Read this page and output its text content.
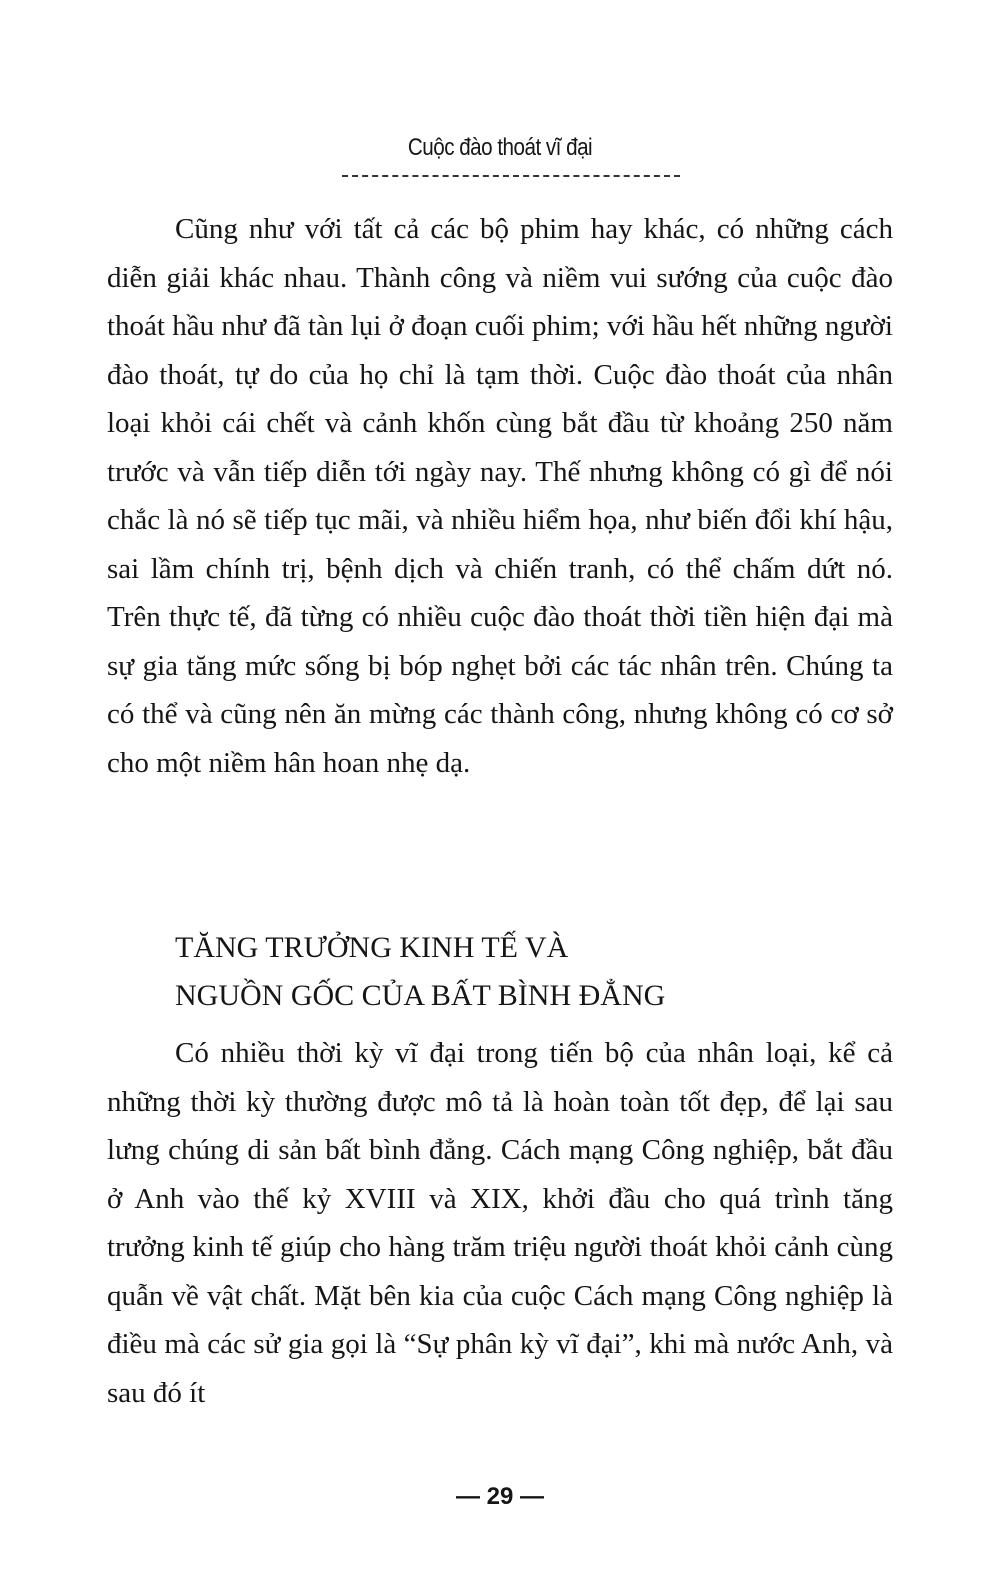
Cuộc đào thoát vĩ đại

Cũng như với tất cả các bộ phim hay khác, có những cách diễn giải khác nhau. Thành công và niềm vui sướng của cuộc đào thoát hầu như đã tàn lụi ở đoạn cuối phim; với hầu hết những người đào thoát, tự do của họ chỉ là tạm thời. Cuộc đào thoát của nhân loại khỏi cái chết và cảnh khốn cùng bắt đầu từ khoảng 250 năm trước và vẫn tiếp diễn tới ngày nay. Thế nhưng không có gì để nói chắc là nó sẽ tiếp tục mãi, và nhiều hiểm họa, như biến đổi khí hậu, sai lầm chính trị, bệnh dịch và chiến tranh, có thể chấm dứt nó. Trên thực tế, đã từng có nhiều cuộc đào thoát thời tiền hiện đại mà sự gia tăng mức sống bị bóp nghẹt bởi các tác nhân trên. Chúng ta có thể và cũng nên ăn mừng các thành công, nhưng không có cơ sở cho một niềm hân hoan nhẹ dạ.

TĂNG TRƯỞNG KINH TẾ VÀ
NGUỒN GỐC CỦA BẤT BÌNH ĐẲNG

Có nhiều thời kỳ vĩ đại trong tiến bộ của nhân loại, kể cả những thời kỳ thường được mô tả là hoàn toàn tốt đẹp, để lại sau lưng chúng di sản bất bình đẳng. Cách mạng Công nghiệp, bắt đầu ở Anh vào thế kỷ XVIII và XIX, khởi đầu cho quá trình tăng trưởng kinh tế giúp cho hàng trăm triệu người thoát khỏi cảnh cùng quẫn về vật chất. Mặt bên kia của cuộc Cách mạng Công nghiệp là điều mà các sử gia gọi là “Sự phân kỳ vĩ đại”, khi mà nước Anh, và sau đó ít

— 29 —
